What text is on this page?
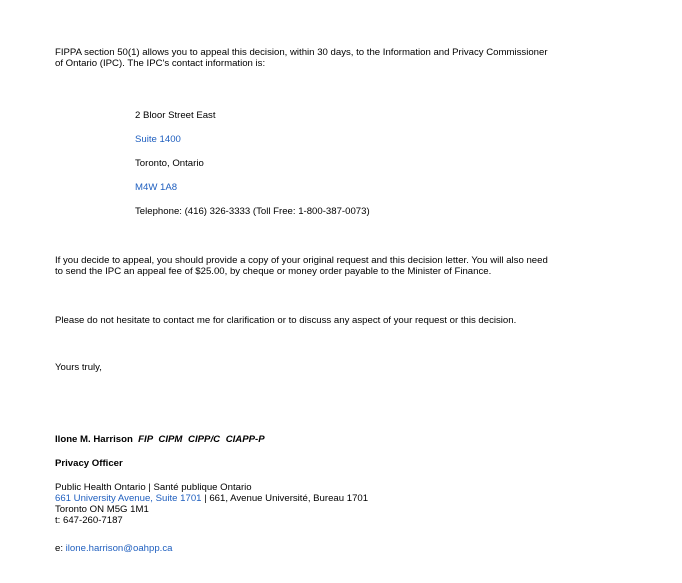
FIPPA section 50(1) allows you to appeal this decision, within 30 days, to the Information and Privacy Commissioner
of Ontario (IPC). The IPC's contact information is:
2 Bloor Street East
Suite 1400
Toronto, Ontario
M4W 1A8
Telephone: (416) 326-3333 (Toll Free: 1-800-387-0073)
If you decide to appeal, you should provide a copy of your original request and this decision letter. You will also need
to send the IPC an appeal fee of $25.00, by cheque or money order payable to the Minister of Finance.
Please do not hesitate to contact me for clarification or to discuss any aspect of your request or this decision.
Yours truly,
Ilone M. Harrison FIP CIPM CIPP/C CIAPP-P
Privacy Officer
Public Health Ontario | Santé publique Ontario
661 University Avenue, Suite 1701 | 661, Avenue Université, Bureau 1701
Toronto ON M5G 1M1
t: 647-260-7187
e: ilone.harrison@oahpp.ca
